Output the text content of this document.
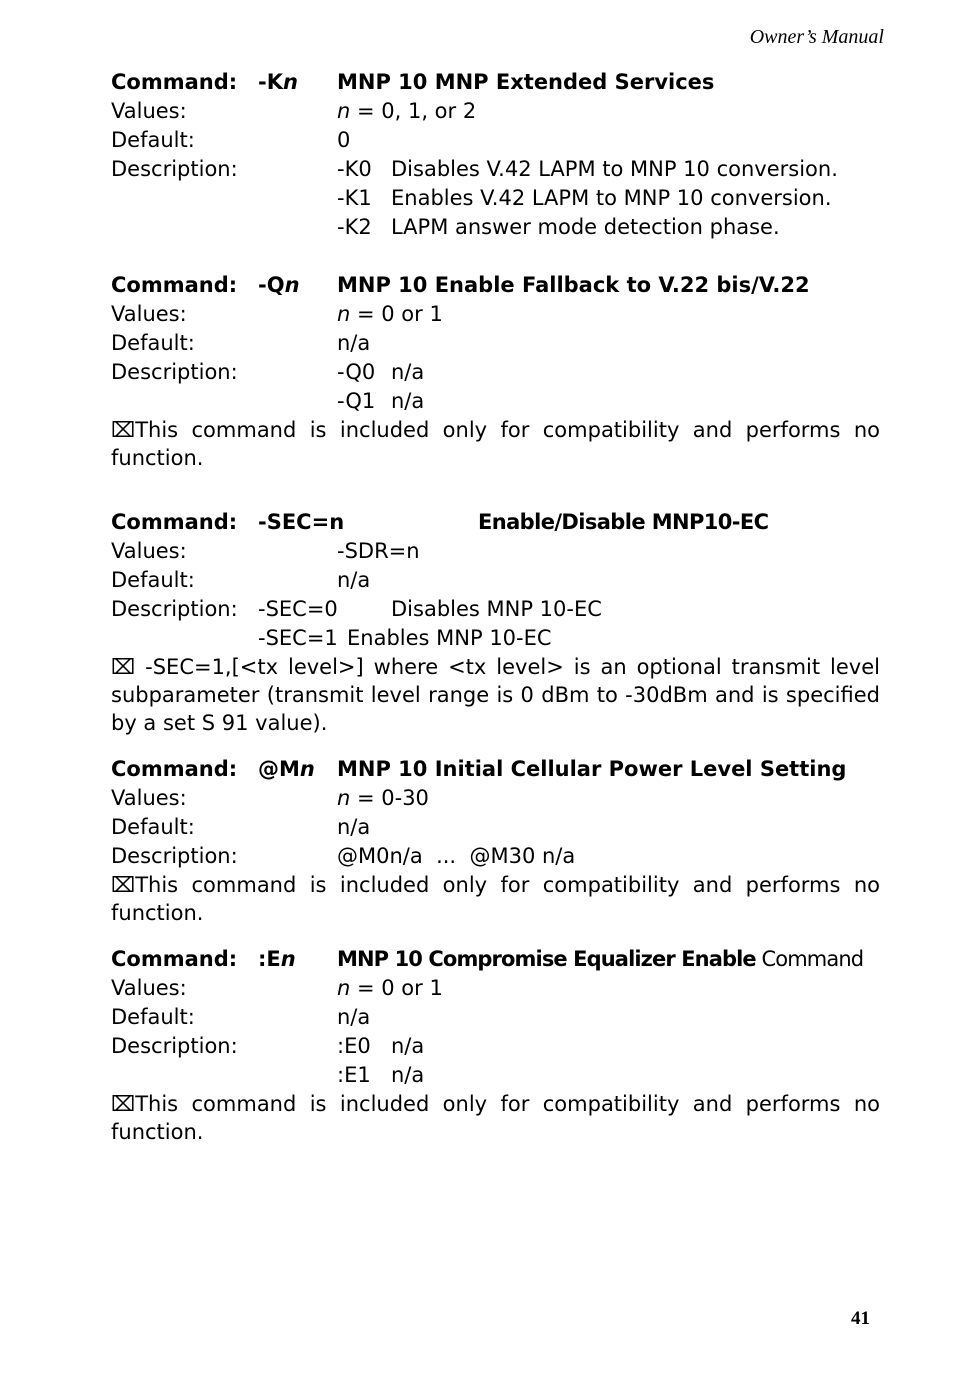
Owner’s Manual
Command: -Kn MNP 10 MNP Extended Services
Values:	n = 0, 1, or 2
Default:	0
Description:	-K0 Disables V.42 LAPM to MNP 10 conversion.
-K1 Enables V.42 LAPM to MNP 10 conversion.
-K2 LAPM answer mode detection phase.
Command: -Qn MNP 10 Enable Fallback to V.22 bis/V.22
Values:	n = 0 or 1
Default:	n/a
Description:	-Q0 n/a
-Q1 n/a
⌧This command is included only for compatibility and performs no function.
Command: -SEC=n	Enable/Disable MNP10-EC
Values:	-SDR=n
Default:	n/a
Description: -SEC=0	Disables MNP 10-EC
-SEC=1 Enables MNP 10-EC
⌧ -SEC=1,[<tx level>] where <tx level> is an optional transmit level subparameter (transmit level range is 0 dBm to -30dBm and is specified by a set S 91 value).
Command: @Mn MNP 10 Initial Cellular Power Level Setting
Values:	n = 0-30
Default:	n/a
Description:	@M0n/a  ...  @M30 n/a
⌧This command is included only for compatibility and performs no function.
Command: :En MNP 10 Compromise Equalizer Enable Command
Values:	n = 0 or 1
Default:	n/a
Description:	:E0 n/a
:E1 n/a
⌧This command is included only for compatibility and performs no function.
41
